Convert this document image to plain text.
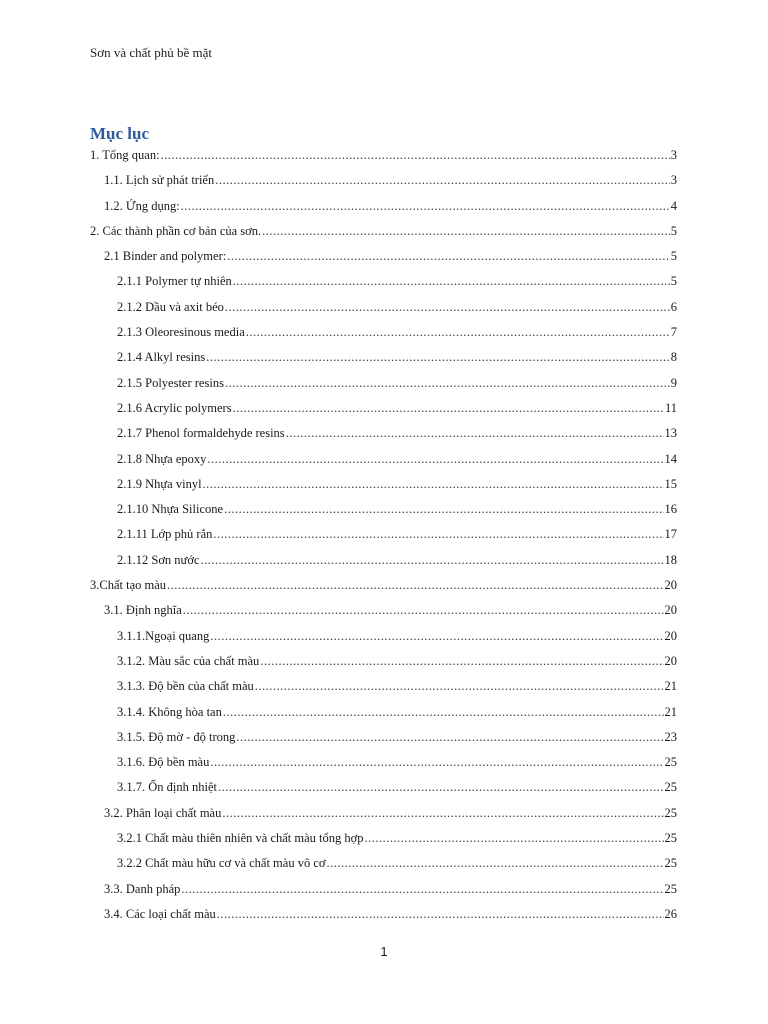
Sơn và chất phủ bề mặt
Mục lục
1. Tổng quan: .....	3
1.1. Lịch sử phát triển .....	3
1.2. Ứng dụng: .....	4
2. Các thành phần cơ bản của sơn. .....	5
2.1 Binder and polymer: .....	5
2.1.1 Polymer tự nhiên .....	5
2.1.2 Dầu và axit béo .....	6
2.1.3 Oleoresinous media .....	7
2.1.4 Alkyl resins .....	8
2.1.5 Polyester resins .....	9
2.1.6 Acrylic polymers .....	11
2.1.7 Phenol formaldehyde resins .....	13
2.1.8 Nhựa epoxy .....	14
2.1.9 Nhựa vinyl .....	15
2.1.10 Nhựa Silicone .....	16
2.1.11 Lớp phủ rắn .....	17
2.1.12 Sơn nước .....	18
3.Chất tạo màu .....	20
3.1. Định nghĩa .....	20
3.1.1.Ngoại quang .....	20
3.1.2. Màu sắc của chất màu .....	20
3.1.3. Độ bền của chất màu .....	21
3.1.4. Không hòa tan .....	21
3.1.5. Độ mờ - độ trong .....	23
3.1.6. Độ bền màu .....	25
3.1.7. Ổn định nhiệt .....	25
3.2. Phân loại chất màu .....	25
3.2.1 Chất màu thiên nhiên và chất màu tổng hợp .....	25
3.2.2 Chất màu hữu cơ và chất màu vô cơ .....	25
3.3. Danh pháp .....	25
3.4. Các loại chất màu .....	26
1
